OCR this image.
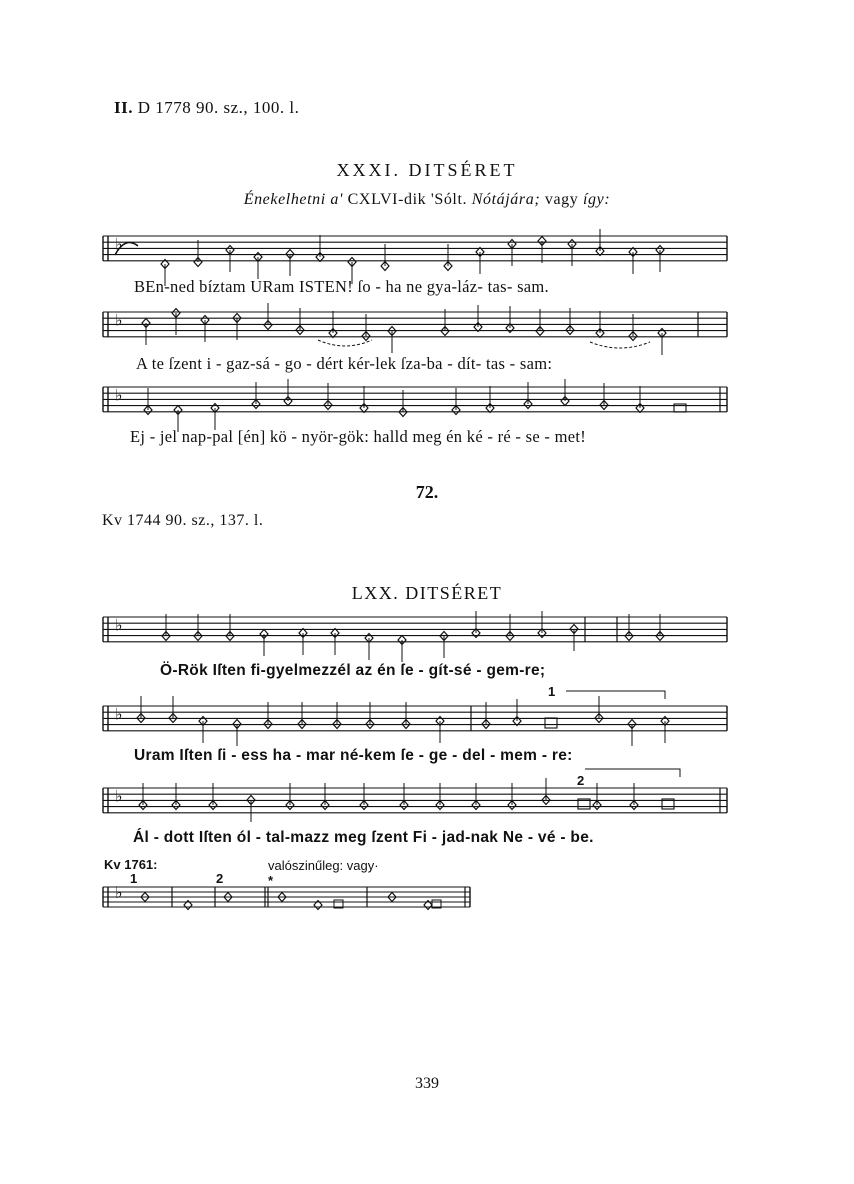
II. D 1778 90. sz., 100. l.
XXXI. DITSÉRET
Énekelhetni a' CXLVI-dik 'Sólt. Nótájára; vagy így:
BEn-ned bíztam URam ISTEN! ſo - ha ne gya-láz- tas- sam.
A te ſzent i - gaz-sá - go - dért kér-lek ſza-ba - dít- tas - sam:
Ej - jel nap-pal [én] kö - nyör-gök: halld meg én ké - ré - se - met!
72.
Kv 1744 90. sz., 137. l.
LXX. DITSÉRET
Ö-Rök Iſten fi-gyelmezzél az én ſe - gít-sé - gem-re;
Uram Iſten ſi - ess ha - mar né-kem ſe - ge - del - mem - re:
Ál - dott Iſten ól - tal-mazz meg ſzent Fi - jad-nak Ne - vé - be.
1
2
Kv 1761:	valószinűleg: vagy·
1	2	*
339
♭
♭
♭
♭
♭
♭
♭
